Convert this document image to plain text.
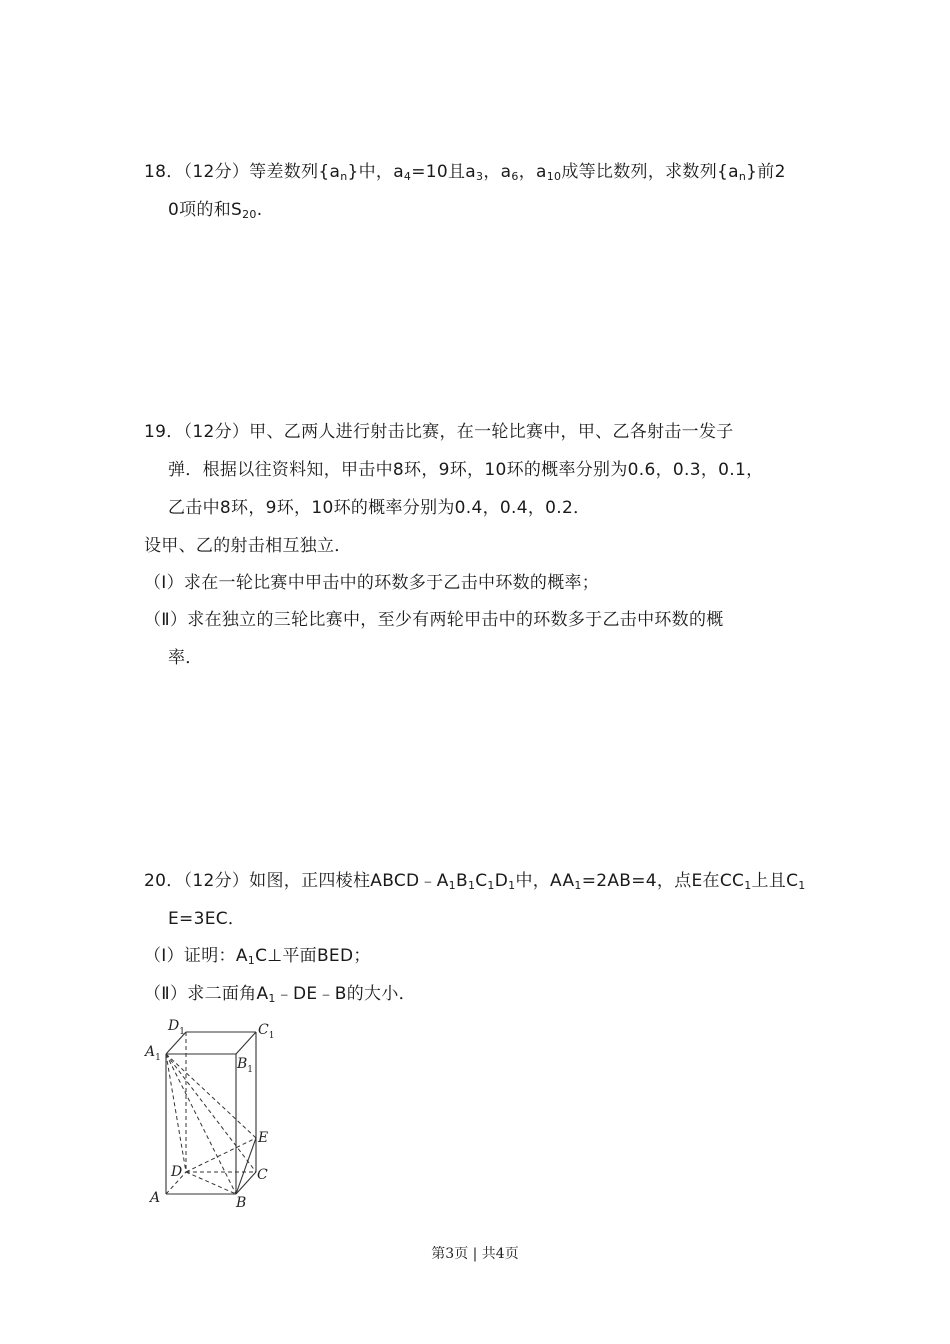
18．（12分）等差数列$\{a_n\}$中，$a_4=10$且$a_3$，$a_6$，$a_{10}$成等比数列，求数列$\{a_n\}$前2
0项的和$S_{20}$.
19．（12分）甲、乙两人进行射击比赛，在一轮比赛中，甲、乙各射击一发子
弹．根据以往资料知，甲击中8环，9环，10环的概率分别为0.6，0.3，0.1，
乙击中8环，9环，10环的概率分别为0.4，0.4，0.2．
设甲、乙的射击相互独立．
（Ⅰ）求在一轮比赛中甲击中的环数多于乙击中环数的概率；
（Ⅱ）求在独立的三轮比赛中，至少有两轮甲击中的环数多于乙击中环数的概
率．
20．（12分）如图，正四棱柱$ABCD﹣A_1B_1C_1D_1$中，$AA_1=2AB=4$，点E在$CC_1$上且$C_1$
E=3EC．
（Ⅰ）证明：$A_1C\perp$平面BED；
（Ⅱ）求二面角$A_1﹣DE﹣B$的大小．
$D_1$	$C_1$
$A_1$	$B_1$
E
D	C
A	B
第3页 | 共4页
